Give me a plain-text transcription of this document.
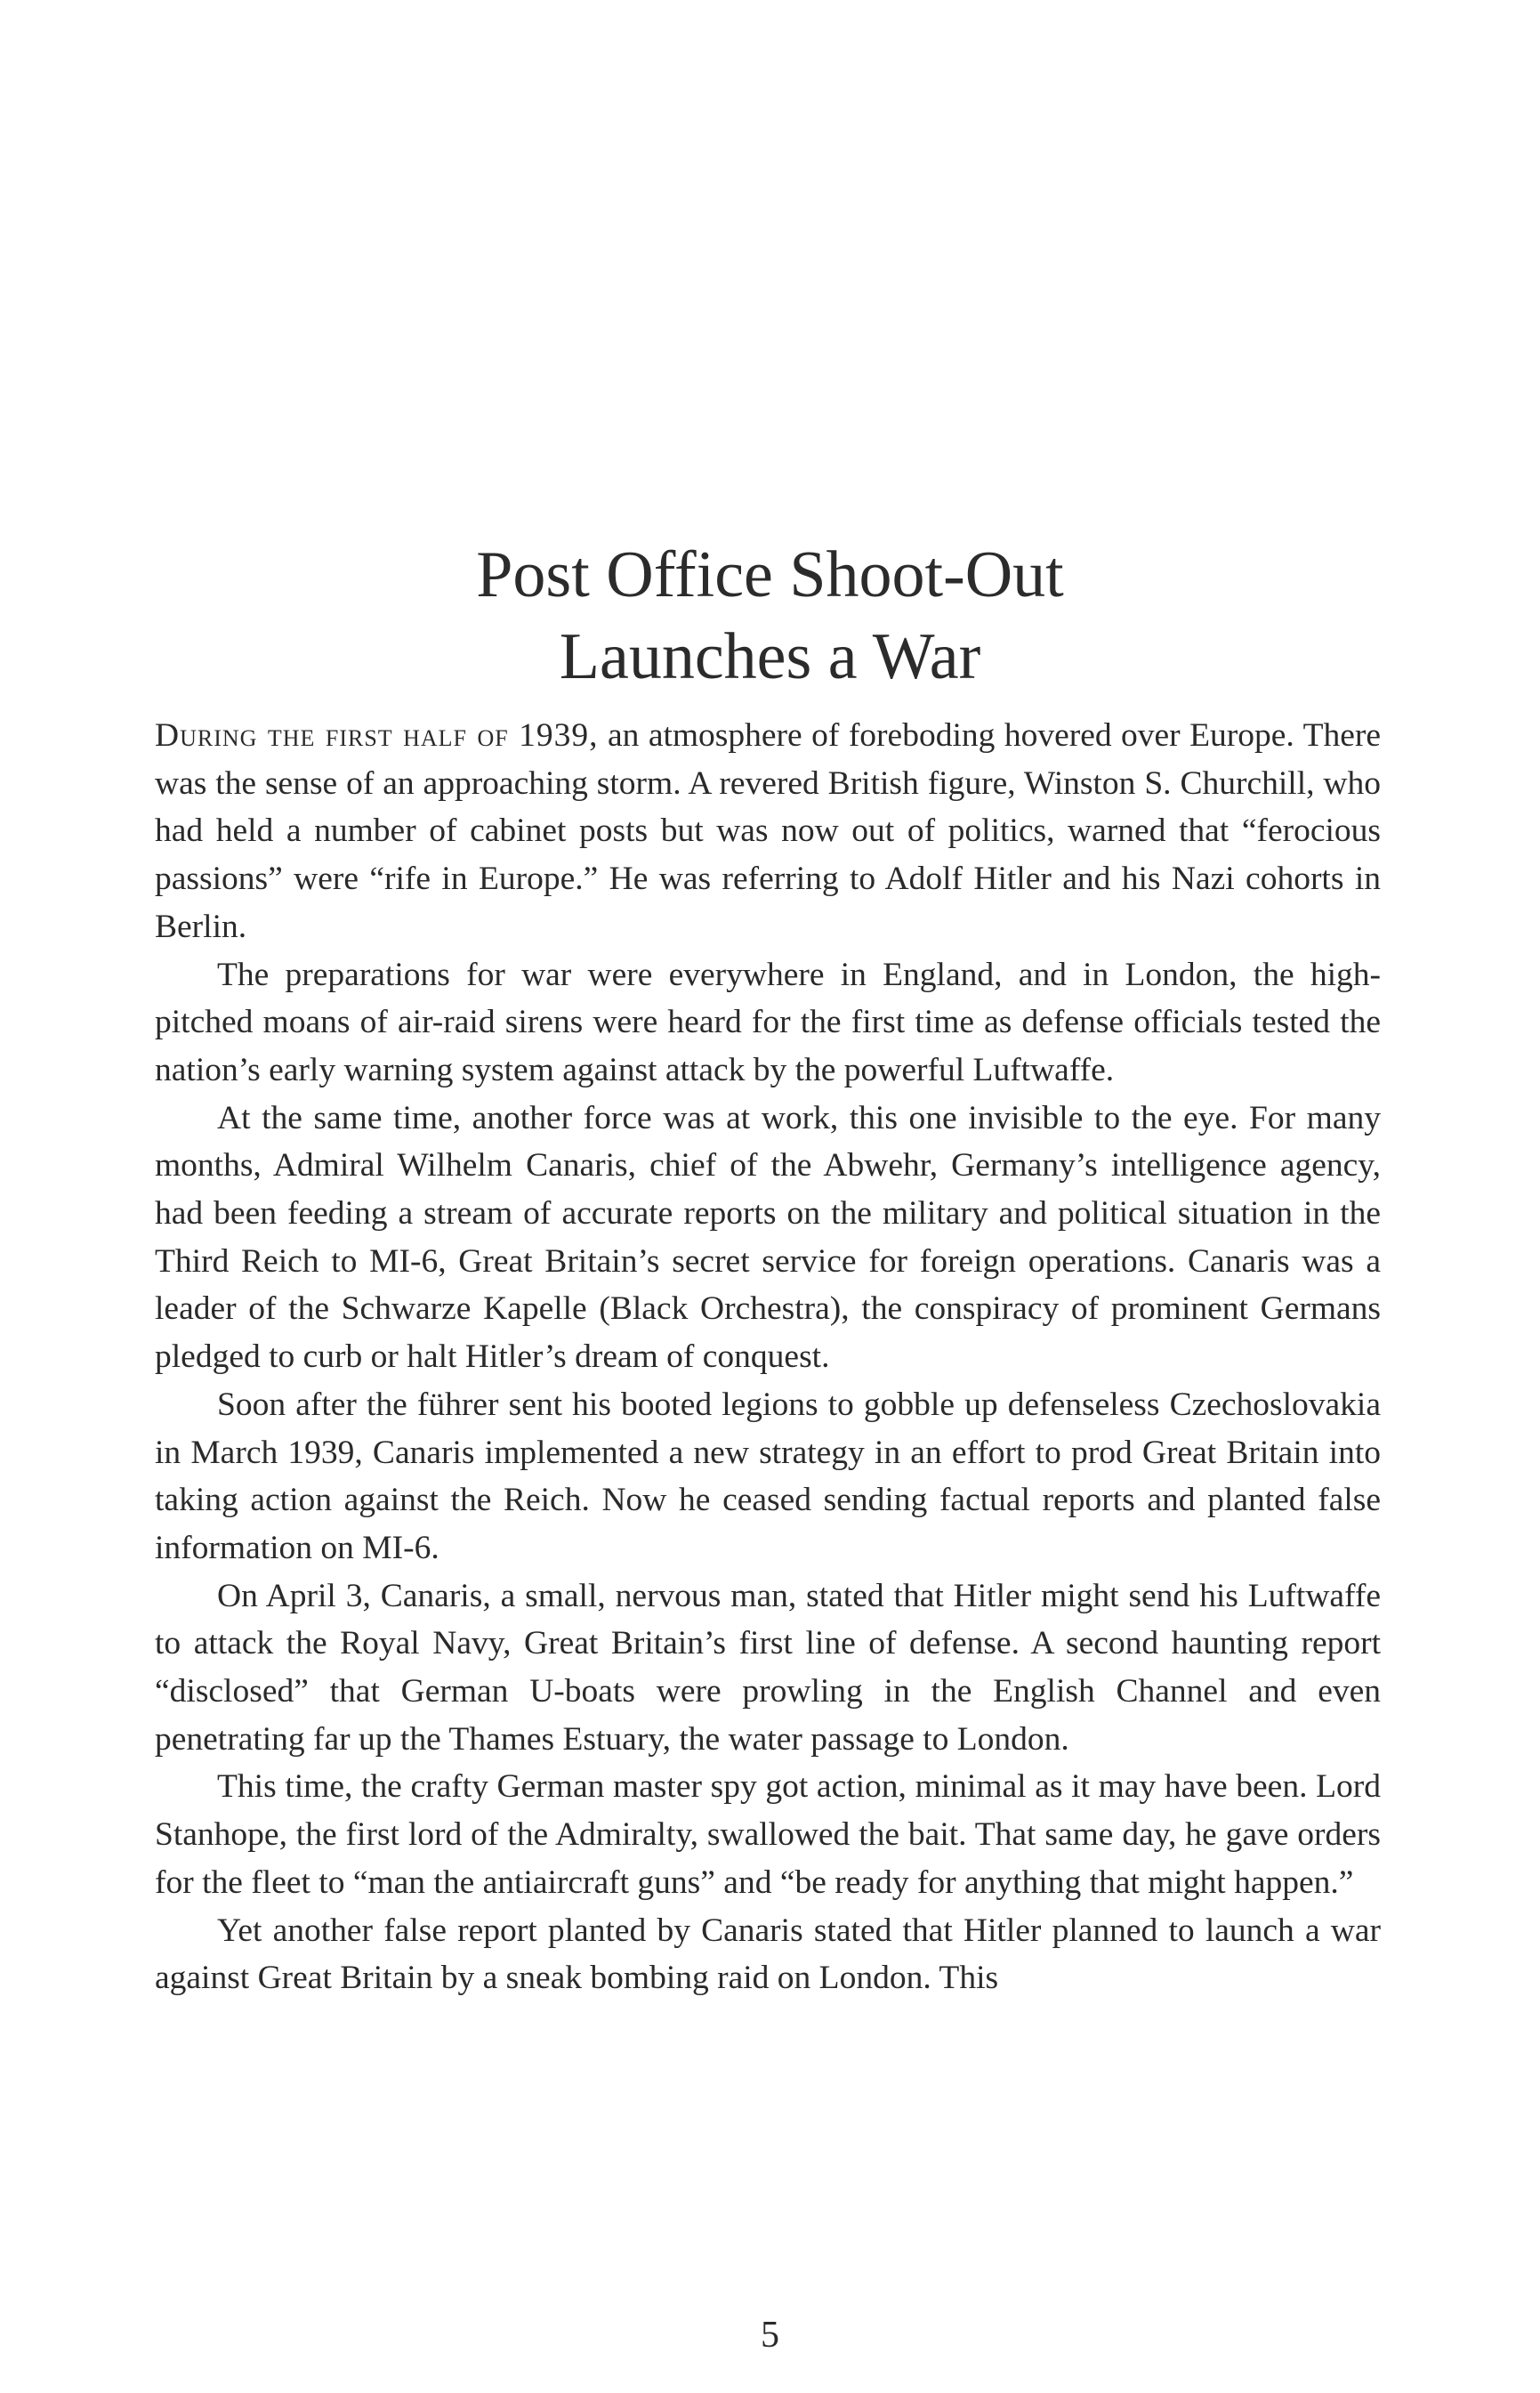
Post Office Shoot-Out
Launches a War

During the first half of 1939, an atmosphere of foreboding hovered over Europe. There was the sense of an approaching storm. A revered British figure, Winston S. Churchill, who had held a number of cabinet posts but was now out of politics, warned that “ferocious passions” were “rife in Europe.” He was referring to Adolf Hitler and his Nazi cohorts in Berlin.

The preparations for war were everywhere in England, and in London, the high-pitched moans of air-raid sirens were heard for the first time as defense officials tested the nation’s early warning system against attack by the powerful Luftwaffe.

At the same time, another force was at work, this one invisible to the eye. For many months, Admiral Wilhelm Canaris, chief of the Abwehr, Germany’s intelligence agency, had been feeding a stream of accurate reports on the military and political situation in the Third Reich to MI-6, Great Britain’s secret service for foreign operations. Canaris was a leader of the Schwarze Kapelle (Black Orchestra), the conspiracy of prominent Germans pledged to curb or halt Hitler’s dream of conquest.

Soon after the führer sent his booted legions to gobble up defenseless Czechoslovakia in March 1939, Canaris implemented a new strategy in an effort to prod Great Britain into taking action against the Reich. Now he ceased sending factual reports and planted false information on MI-6.

On April 3, Canaris, a small, nervous man, stated that Hitler might send his Luftwaffe to attack the Royal Navy, Great Britain’s first line of defense. A second haunting report “disclosed” that German U-boats were prowling in the English Channel and even penetrating far up the Thames Estuary, the water passage to London.

This time, the crafty German master spy got action, minimal as it may have been. Lord Stanhope, the first lord of the Admiralty, swallowed the bait. That same day, he gave orders for the fleet to “man the antiaircraft guns” and “be ready for anything that might happen.”

Yet another false report planted by Canaris stated that Hitler planned to launch a war against Great Britain by a sneak bombing raid on London. This

5
